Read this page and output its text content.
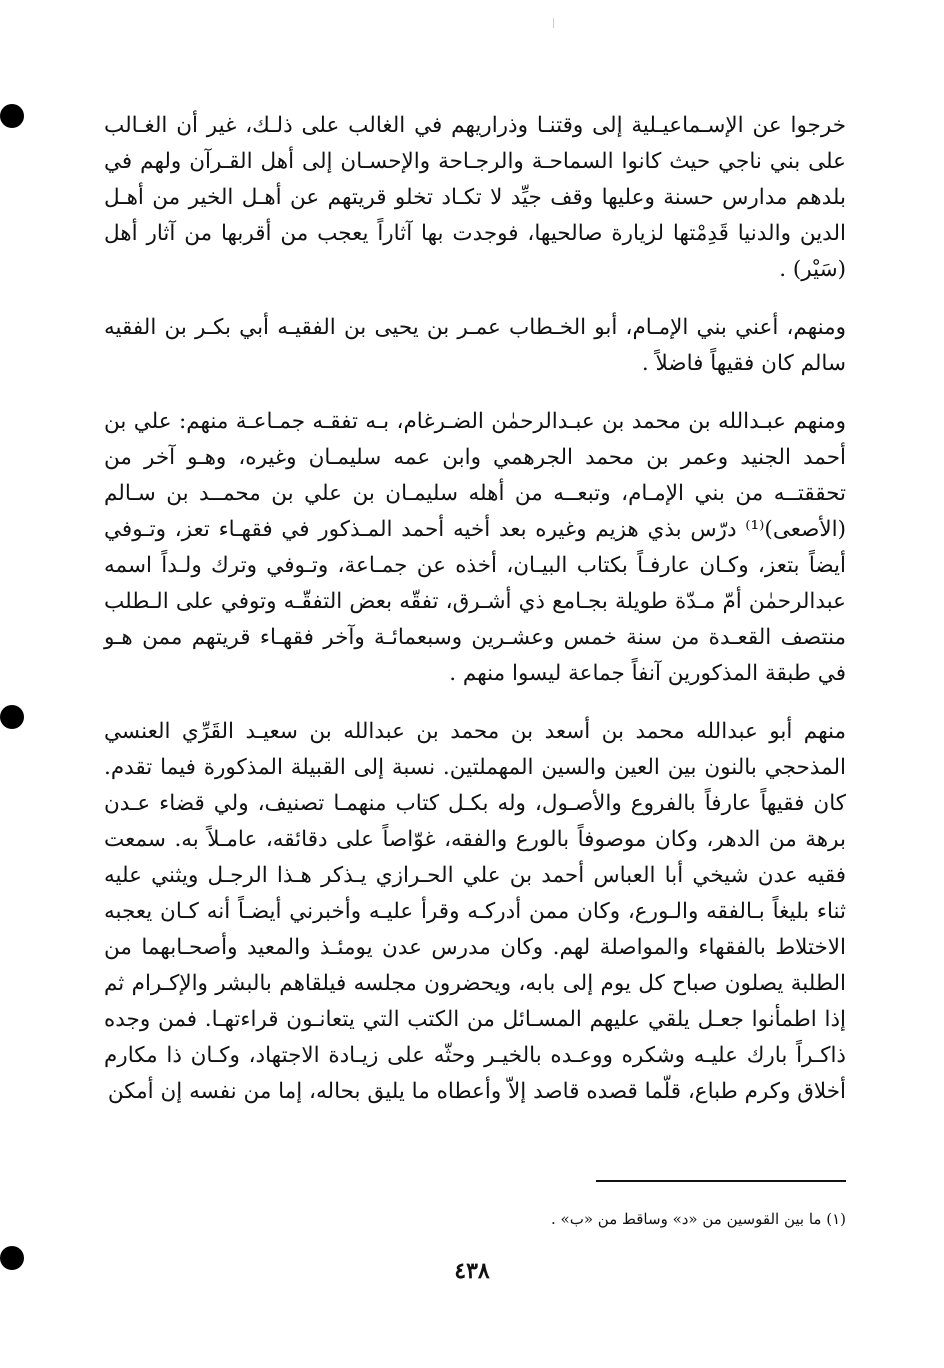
خرجوا عن الإسـماعيـلية إلى وقتنـا وذراريهم في الغالب على ذلـك، غير أن الغـالب على بني ناجي حيث كانوا السماحـة والرجـاحة والإحسـان إلى أهل القـرآن ولهم في بلدهم مدارس حسنة وعليها وقف جيِّد لا تكـاد تخلو قريتهم عن أهـل الخير من أهـل الدين والدنيا قَدِمْتها لزيارة صالحيها، فوجدت بها آثاراً يعجب من أقربها من آثار أهل (سَيْر) .

ومنهم، أعني بني الإمـام، أبو الخـطاب عمـر بن يحيى بن الفقيـه أبي بكـر بن الفقيه سالم كان فقيهاً فاضلاً .

ومنهم عبـدالله بن محمد بن عبـدالرحمٰن الضـرغام، بـه تفقـه جمـاعـة منهم: علي بن أحمد الجنيد وعمر بن محمد الجرهمي وابن عمه سليمـان وغيره، وهـو آخر من تحققتــه من بني الإمـام، وتبعــه من أهله سليمـان بن علي بن محمــد بن سـالم (الأصعى)⁽¹⁾ درّس بذي هزيم وغيره بعد أخيه أحمد المـذكور في فقهـاء تعز، وتـوفي أيضاً بتعز، وكـان عارفـاً بكتاب البيـان، أخذه عن جمـاعة، وتـوفي وترك ولـداً اسمه عبدالرحمٰن أمّ مـدّة طويلة بجـامع ذي أشـرق، تفقّه بعض التفقّـه وتوفي على الـطلب منتصف القعـدة من سنة خمس وعشـرين وسبعمائـة وآخر فقهـاء قريتهم ممن هـو في طبقة المذكورين آنفاً جماعة ليسوا منهم .

منهم أبو عبدالله محمد بن أسعد بن محمد بن عبدالله بن سعيـد القَرِّي العنسي المذحجي بالنون بين العين والسين المهملتين. نسبة إلى القبيلة المذكورة فيما تقدم. كان فقيهاً عارفاً بالفروع والأصـول، وله بكـل كتاب منهمـا تصنيف، ولي قضاء عـدن برهة من الدهر، وكان موصوفاً بالورع والفقه، غوّاصاً على دقائقه، عامـلاً به. سمعت فقيه عدن شيخي أبا العباس أحمد بن علي الحـرازي يـذكر هـذا الرجـل ويثني عليه ثناء بليغاً بـالفقه والـورع، وكان ممن أدركـه وقرأ عليـه وأخبرني أيضـاً أنه كـان يعجبه الاختلاط بالفقهاء والمواصلة لهم. وكان مدرس عدن يومئـذ والمعيد وأصحـابهما من الطلبة يصلون صباح كل يوم إلى بابه، ويحضرون مجلسه فيلقاهم بالبشر والإكـرام ثم إذا اطمأنوا جعـل يلقي عليهم المسـائل من الكتب التي يتعانـون قراءتهـا. فمن وجده ذاكـراً بارك عليـه وشكره ووعـده بالخيـر وحثّه على زيـادة الاجتهاد، وكـان ذا مكارم أخلاق وكرم طباع، قلّما قصده قاصد إلاّ وأعطاه ما يليق بحاله، إما من نفسه إن أمكن

(١) ما بين القوسين من «د» وساقط من «ب» .
٤٣٨
